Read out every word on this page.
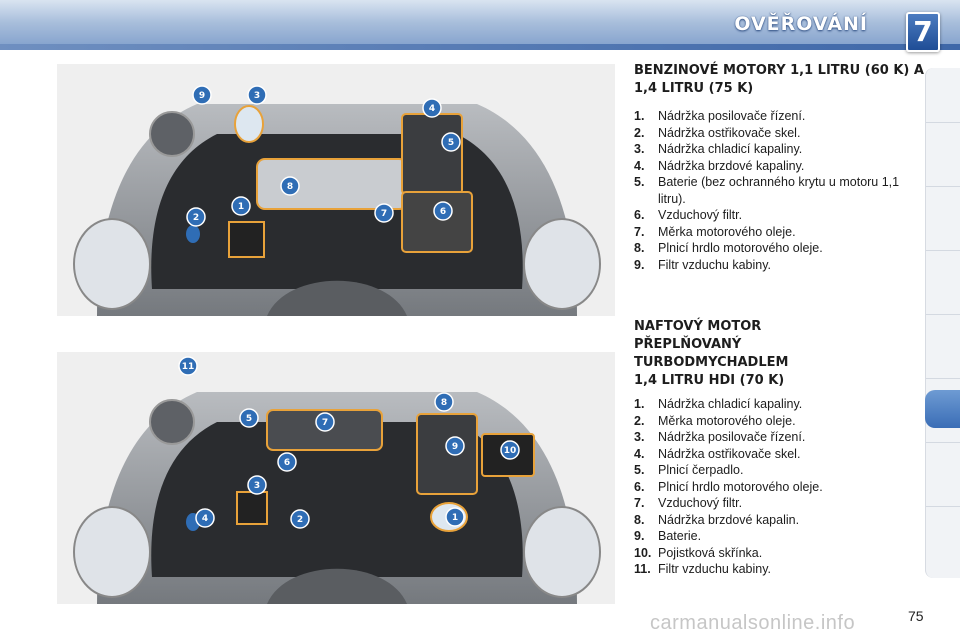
OVĚŘOVÁNÍ 7
9	3
4
5
8
1
2	7	6
11
5	7
6
8
9	10
3
4	2	1
BENZINOVÉ MOTORY 1,1 LITRU (60 K) A 1,4 LITRU (75 K)
1.	Nádržka posilovače řízení.
2.	Nádržka ostřikovače skel.
3.	Nádržka chladicí kapaliny.
4.	Nádržka brzdové kapaliny.
5.	Baterie (bez ochranného krytu u motoru 1,1 litru).
6.	Vzduchový filtr.
7.	Měrka motorového oleje.
8.	Plnicí hrdlo motorového oleje.
9.	Filtr vzduchu kabiny.
NAFTOVÝ MOTOR
PŘEPLŇOVANÝ
TURBODMYCHADLEM
1,4 LITRU HDI (70 K)
1.	Nádržka chladicí kapaliny.
2.	Měrka motorového oleje.
3.	Nádržka posilovače řízení.
4.	Nádržka ostřikovače skel.
5.	Plnicí čerpadlo.
6.	Plnicí hrdlo motorového oleje.
7.	Vzduchový filtr.
8.	Nádržka brzdové kapalin.
9.	Baterie.
10. Pojistková skřínka.
11. Filtr vzduchu kabiny.
carmanualsonline.info	75
